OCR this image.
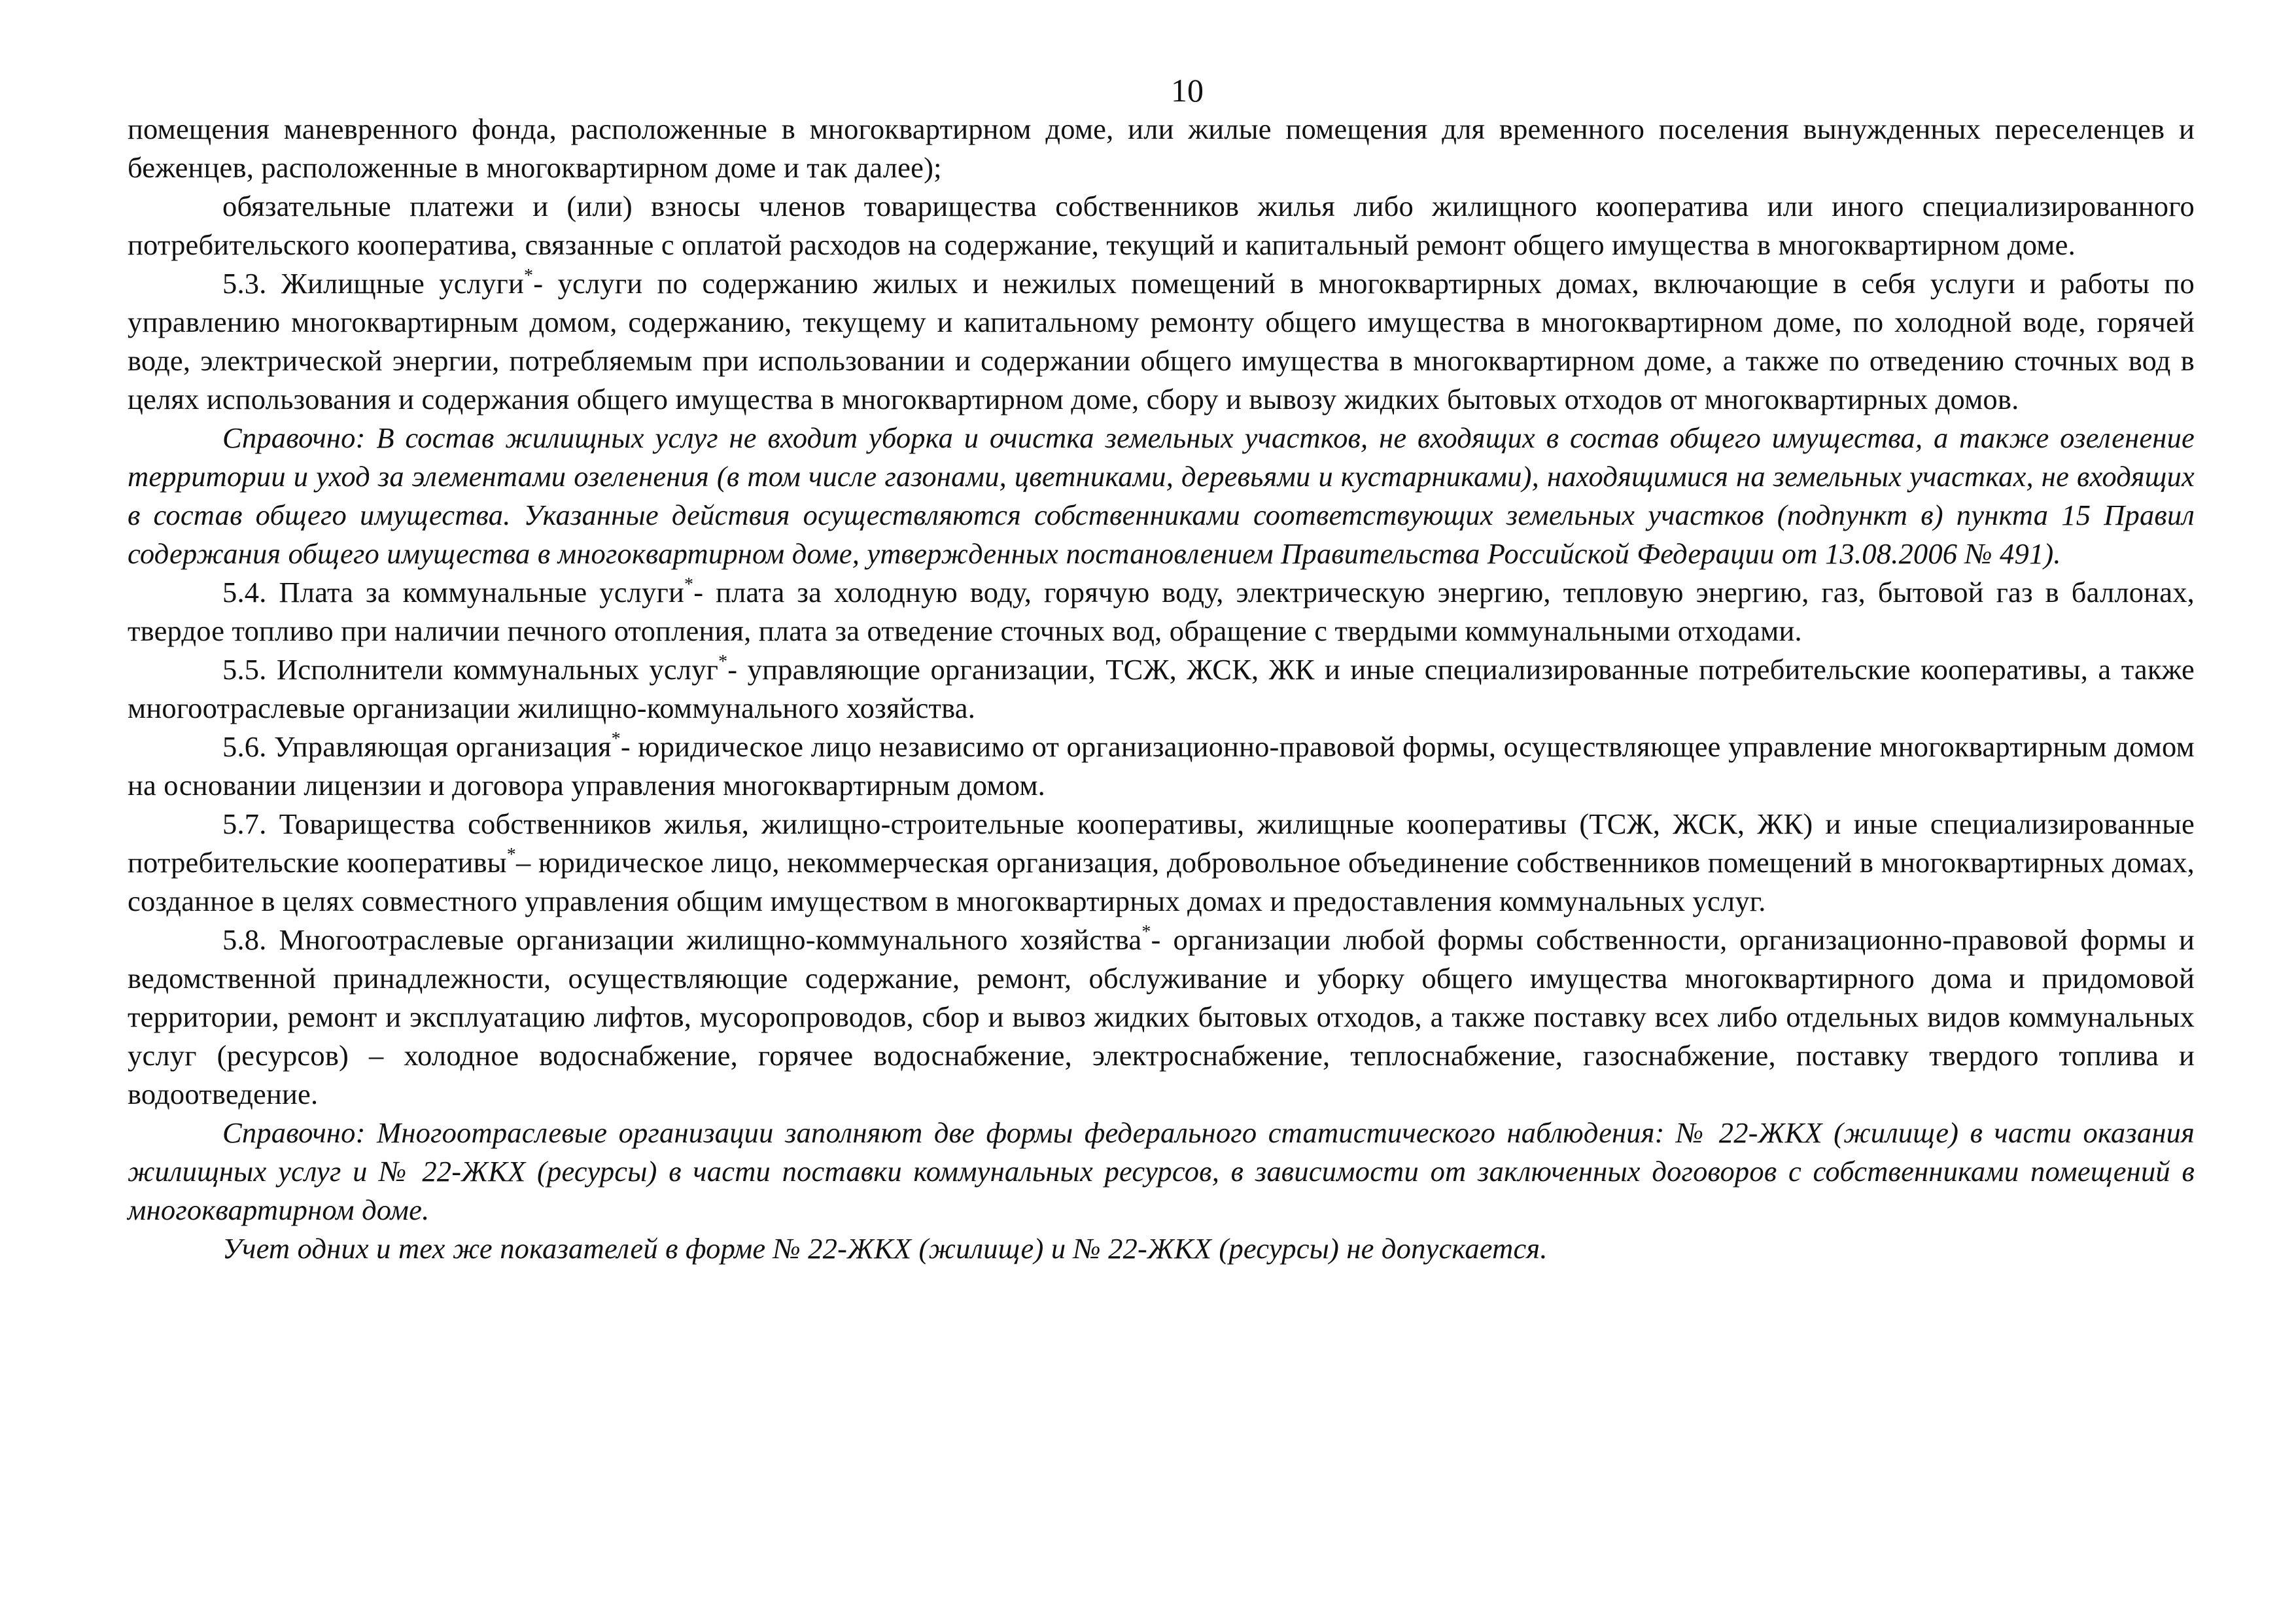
10

помещения маневренного фонда, расположенные в многоквартирном доме, или жилые помещения для временного поселения вынужденных переселенцев и беженцев, расположенные в многоквартирном доме и так далее);

обязательные платежи и (или) взносы членов товарищества собственников жилья либо жилищного кооператива или иного специализированного потребительского кооператива, связанные с оплатой расходов на содержание, текущий и капитальный ремонт общего имущества в многоквартирном доме.

5.3. Жилищные услуги*- услуги по содержанию жилых и нежилых помещений в многоквартирных домах, включающие в себя услуги и работы по управлению многоквартирным домом, содержанию, текущему и капитальному ремонту общего имущества в многоквартирном доме, по холодной воде, горячей воде, электрической энергии, потребляемым при использовании и содержании общего имущества в многоквартирном доме, а также по отведению сточных вод в целях использования и содержания общего имущества в многоквартирном доме, сбору и вывозу жидких бытовых отходов от многоквартирных домов.

Справочно: В состав жилищных услуг не входит уборка и очистка земельных участков, не входящих в состав общего имущества, а также озеленение территории и уход за элементами озеленения (в том числе газонами, цветниками, деревьями и кустарниками), находящимися на земельных участках, не входящих в состав общего имущества. Указанные действия осуществляются собственниками соответствующих земельных участков (подпункт в) пункта 15 Правил содержания общего имущества в многоквартирном доме, утвержденных постановлением Правительства Российской Федерации от 13.08.2006 № 491).

5.4. Плата за коммунальные услуги*- плата за холодную воду, горячую воду, электрическую энергию, тепловую энергию, газ, бытовой газ в баллонах, твердое топливо при наличии печного отопления, плата за отведение сточных вод, обращение с твердыми коммунальными отходами.

5.5. Исполнители коммунальных услуг*- управляющие организации, ТСЖ, ЖСК, ЖК и иные специализированные потребительские кооперативы, а также многоотраслевые организации жилищно-коммунального хозяйства.

5.6. Управляющая организация*- юридическое лицо независимо от организационно-правовой формы, осуществляющее управление многоквартирным домом на основании лицензии и договора управления многоквартирным домом.

5.7. Товарищества собственников жилья, жилищно-строительные кооперативы, жилищные кооперативы (ТСЖ, ЖСК, ЖК) и иные специализированные потребительские кооперативы*– юридическое лицо, некоммерческая организация, добровольное объединение собственников помещений в многоквартирных домах, созданное в целях совместного управления общим имуществом в многоквартирных домах и предоставления коммунальных услуг.

5.8. Многоотраслевые организации жилищно-коммунального хозяйства*- организации любой формы собственности, организационно-правовой формы и ведомственной принадлежности, осуществляющие содержание, ремонт, обслуживание и уборку общего имущества многоквартирного дома и придомовой территории, ремонт и эксплуатацию лифтов, мусоропроводов, сбор и вывоз жидких бытовых отходов, а также поставку всех либо отдельных видов коммунальных услуг (ресурсов) – холодное водоснабжение, горячее водоснабжение, электроснабжение, теплоснабжение, газоснабжение, поставку твердого топлива и водоотведение.

Справочно: Многоотраслевые организации заполняют две формы федерального статистического наблюдения: № 22-ЖКХ (жилище) в части оказания жилищных услуг и № 22-ЖКХ (ресурсы) в части поставки коммунальных ресурсов, в зависимости от заключенных договоров с собственниками помещений в многоквартирном доме.

Учет одних и тех же показателей в форме № 22-ЖКХ (жилище) и № 22-ЖКХ (ресурсы) не допускается.
